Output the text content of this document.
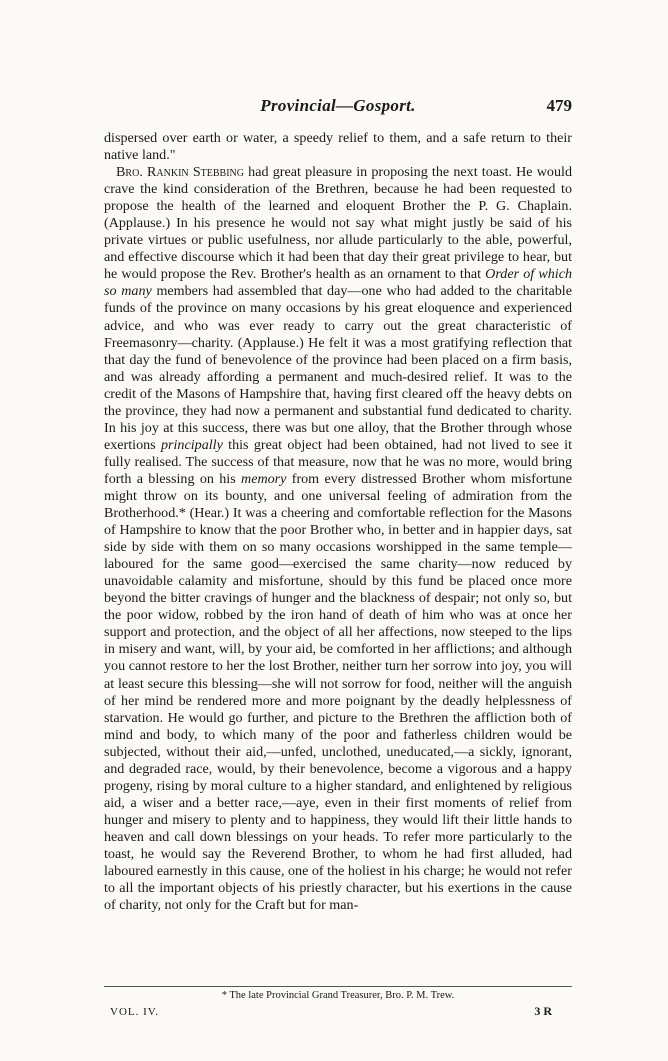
Provincial—Gosport.	479

dispersed over earth or water, a speedy relief to them, and a safe return to their native land."

Bro. Rankin Stebbing had great pleasure in proposing the next toast. He would crave the kind consideration of the Brethren, because he had been requested to propose the health of the learned and eloquent Brother the P. G. Chaplain. (Applause.) In his presence he would not say what might justly be said of his private virtues or public usefulness, nor allude particularly to the able, powerful, and effective discourse which it had been that day their great privilege to hear, but he would propose the Rev. Brother's health as an ornament to that Order of which so many members had assembled that day—one who had added to the charitable funds of the province on many occasions by his great eloquence and experienced advice, and who was ever ready to carry out the great characteristic of Freemasonry—charity. (Applause.) He felt it was a most gratifying reflection that that day the fund of benevolence of the province had been placed on a firm basis, and was already affording a permanent and much-desired relief. It was to the credit of the Masons of Hampshire that, having first cleared off the heavy debts on the province, they had now a permanent and substantial fund dedicated to charity. In his joy at this success, there was but one alloy, that the Brother through whose exertions principally this great object had been obtained, had not lived to see it fully realised. The success of that measure, now that he was no more, would bring forth a blessing on his memory from every distressed Brother whom misfortune might throw on its bounty, and one universal feeling of admiration from the Brotherhood.* (Hear.) It was a cheering and comfortable reflection for the Masons of Hampshire to know that the poor Brother who, in better and in happier days, sat side by side with them on so many occasions worshipped in the same temple—laboured for the same good—exercised the same charity—now reduced by unavoidable calamity and misfortune, should by this fund be placed once more beyond the bitter cravings of hunger and the blackness of despair; not only so, but the poor widow, robbed by the iron hand of death of him who was at once her support and protection, and the object of all her affections, now steeped to the lips in misery and want, will, by your aid, be comforted in her afflictions; and although you cannot restore to her the lost Brother, neither turn her sorrow into joy, you will at least secure this blessing—she will not sorrow for food, neither will the anguish of her mind be rendered more and more poignant by the deadly helplessness of starvation. He would go further, and picture to the Brethren the affliction both of mind and body, to which many of the poor and fatherless children would be subjected, without their aid,—unfed, unclothed, uneducated,—a sickly, ignorant, and degraded race, would, by their benevolence, become a vigorous and a happy progeny, rising by moral culture to a higher standard, and enlightened by religious aid, a wiser and a better race,—aye, even in their first moments of relief from hunger and misery to plenty and to happiness, they would lift their little hands to heaven and call down blessings on your heads. To refer more particularly to the toast, he would say the Reverend Brother, to whom he had first alluded, had laboured earnestly in this cause, one of the holiest in his charge; he would not refer to all the important objects of his priestly character, but his exertions in the cause of charity, not only for the Craft but for man-

* The late Provincial Grand Treasurer, Bro. P. M. Trew.
VOL. IV.	3 R
